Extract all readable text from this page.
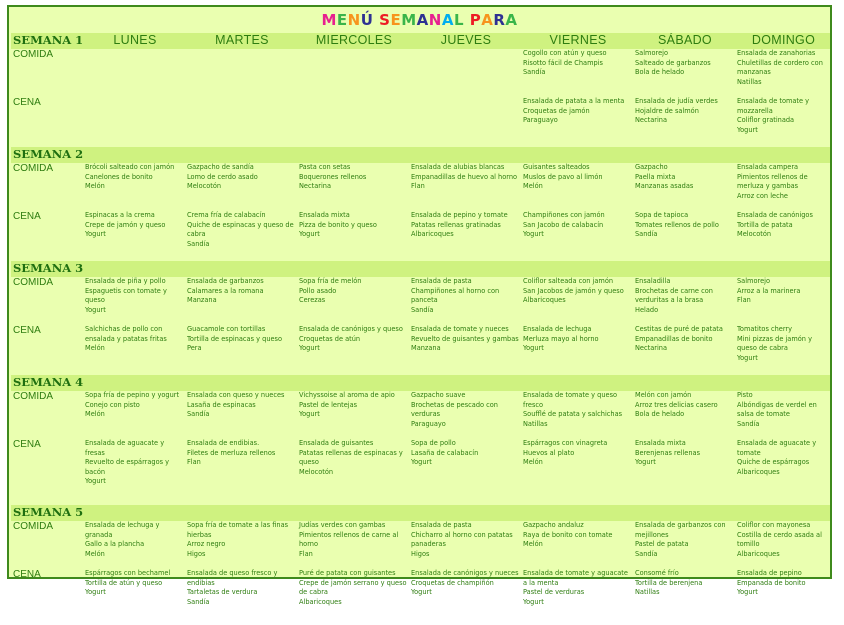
MENÚ SEMANAL PARA
SEMANA 1	LUNES	MARTES	MIERCOLES	JUEVES	VIERNES	SÁBADO	DOMINGO
COMIDA					Cogollo con atún y queso
Risotto fácil de Champis
Sandía	Salmorejo
Salteado de garbanzos
Bola de helado	Ensalada de zanahorias
Chuletillas de cordero con manzanas
Natillas

CENA					Ensalada de patata a la menta
Croquetas de jamón
Paraguayo	Ensalada de judía verdes
Hojaldre de salmón
Nectarina	Ensalada de tomate y mozzarella
Coliflor gratinada
Yogurt

SEMANA 2							
COMIDA	Brócoli salteado con jamón
Canelones de bonito
Melón	Gazpacho de sandía
Lomo de cerdo asado
Melocotón	Pasta con setas
Boquerones rellenos
Nectarina	Ensalada de alubias blancas
Empanadillas de huevo al horno
Flan	Guisantes salteados
Muslos de pavo al limón
Melón	Gazpacho
Paella mixta
Manzanas asadas	Ensalada campera
Pimientos rellenos de merluza y gambas
Arroz con leche

CENA	Espinacas a la crema
Crepe de jamón y queso
Yogurt	Crema fría de calabacín
Quiche de espinacas y queso de cabra
Sandía	Ensalada mixta
Pizza de bonito y queso
Yogurt	Ensalada de pepino y tomate
Patatas rellenas gratinadas
Albaricoques	Champiñones con jamón
San Jacobo de calabacín
Yogurt	Sopa de tapioca
Tomates rellenos de pollo
Sandía	Ensalada de canónigos
Tortilla de patata
Melocotón

SEMANA 3							
COMIDA	Ensalada de piña y pollo
Espaguetis con tomate y queso
Yogurt	Ensalada de garbanzos
Calamares a la romana
Manzana	Sopa fría de melón
Pollo asado
Cerezas	Ensalada de pasta
Champiñones al horno con panceta
Sandía	Coliflor salteada con jamón
San Jacobos de jamón y queso
Albaricoques	Ensaladilla
Brochetas de carne con verduritas a la brasa
Helado	Salmorejo
Arroz a la marinera
Flan

CENA	Salchichas de pollo con ensalada y patatas fritas
Melón	Guacamole con tortillas
Tortilla de espinacas y queso
Pera	Ensalada de canónigos y queso
Croquetas de atún
Yogurt	Ensalada de tomate y nueces
Revuelto de guisantes y gambas
Manzana	Ensalada de lechuga
Merluza mayo al horno
Yogurt	Cestitas de puré de patata
Empanadillas de bonito
Nectarina	Tomatitos cherry
Mini pizzas de jamón y queso de cabra
Yogurt

SEMANA 4							
COMIDA	Sopa fría de pepino y yogurt
Conejo con pisto
Melón	Ensalada con queso y nueces
Lasaña de espinacas
Sandía	Vichyssoise al aroma de apio
Pastel de lentejas
Yogurt	Gazpacho suave
Brochetas de pescado con verduras
Paraguayo	Ensalada de tomate y queso fresco
Soufflé de patata y salchichas
Natillas	Melón con jamón
Arroz tres delicias casero
Bola de helado	Pisto
Albóndigas de verdel en salsa de tomate
Sandía

CENA	Ensalada de aguacate y fresas
Revuelto de espárragos y bacón
Yogurt	Ensalada de endibias.
Filetes de merluza rellenos
Flan	Ensalada de guisantes
Patatas rellenas de espinacas y queso
Melocotón	Sopa de pollo
Lasaña de calabacín
Yogurt	Espárragos con vinagreta
Huevos al plato
Melón	Ensalada mixta
Berenjenas rellenas
Yogurt	Ensalada de aguacate y tomate
Quiche de espárragos
Albaricoques

SEMANA 5							
COMIDA	Ensalada de lechuga y granada
Gallo a la plancha
Melón	Sopa fría de tomate a las finas hierbas
Arroz negro
Higos	Judías verdes con gambas
Pimientos rellenos de carne al horno
Flan	Ensalada de pasta
Chicharro al horno con patatas panaderas
Higos	Gazpacho andaluz
Raya de bonito con tomate
Melón	Ensalada de garbanzos con mejillones
Pastel de patata
Sandía	Coliflor con mayonesa
Costilla de cerdo asada al tomillo
Albaricoques

CENA	Espárragos con bechamel
Tortilla de atún y queso
Yogurt	Ensalada de queso fresco y endibias
Tartaletas de verdura
Sandía	Puré de patata con guisantes
Crepe de jamón serrano y queso de cabra
Albaricoques	Ensalada de canónigos y nueces
Croquetas de champiñón
Yogurt	Ensalada de tomate y aguacate a la menta
Pastel de verduras
Yogurt	Consomé frío
Tortilla de berenjena
Natillas	Ensalada de pepino
Empanada de bonito
Yogurt
